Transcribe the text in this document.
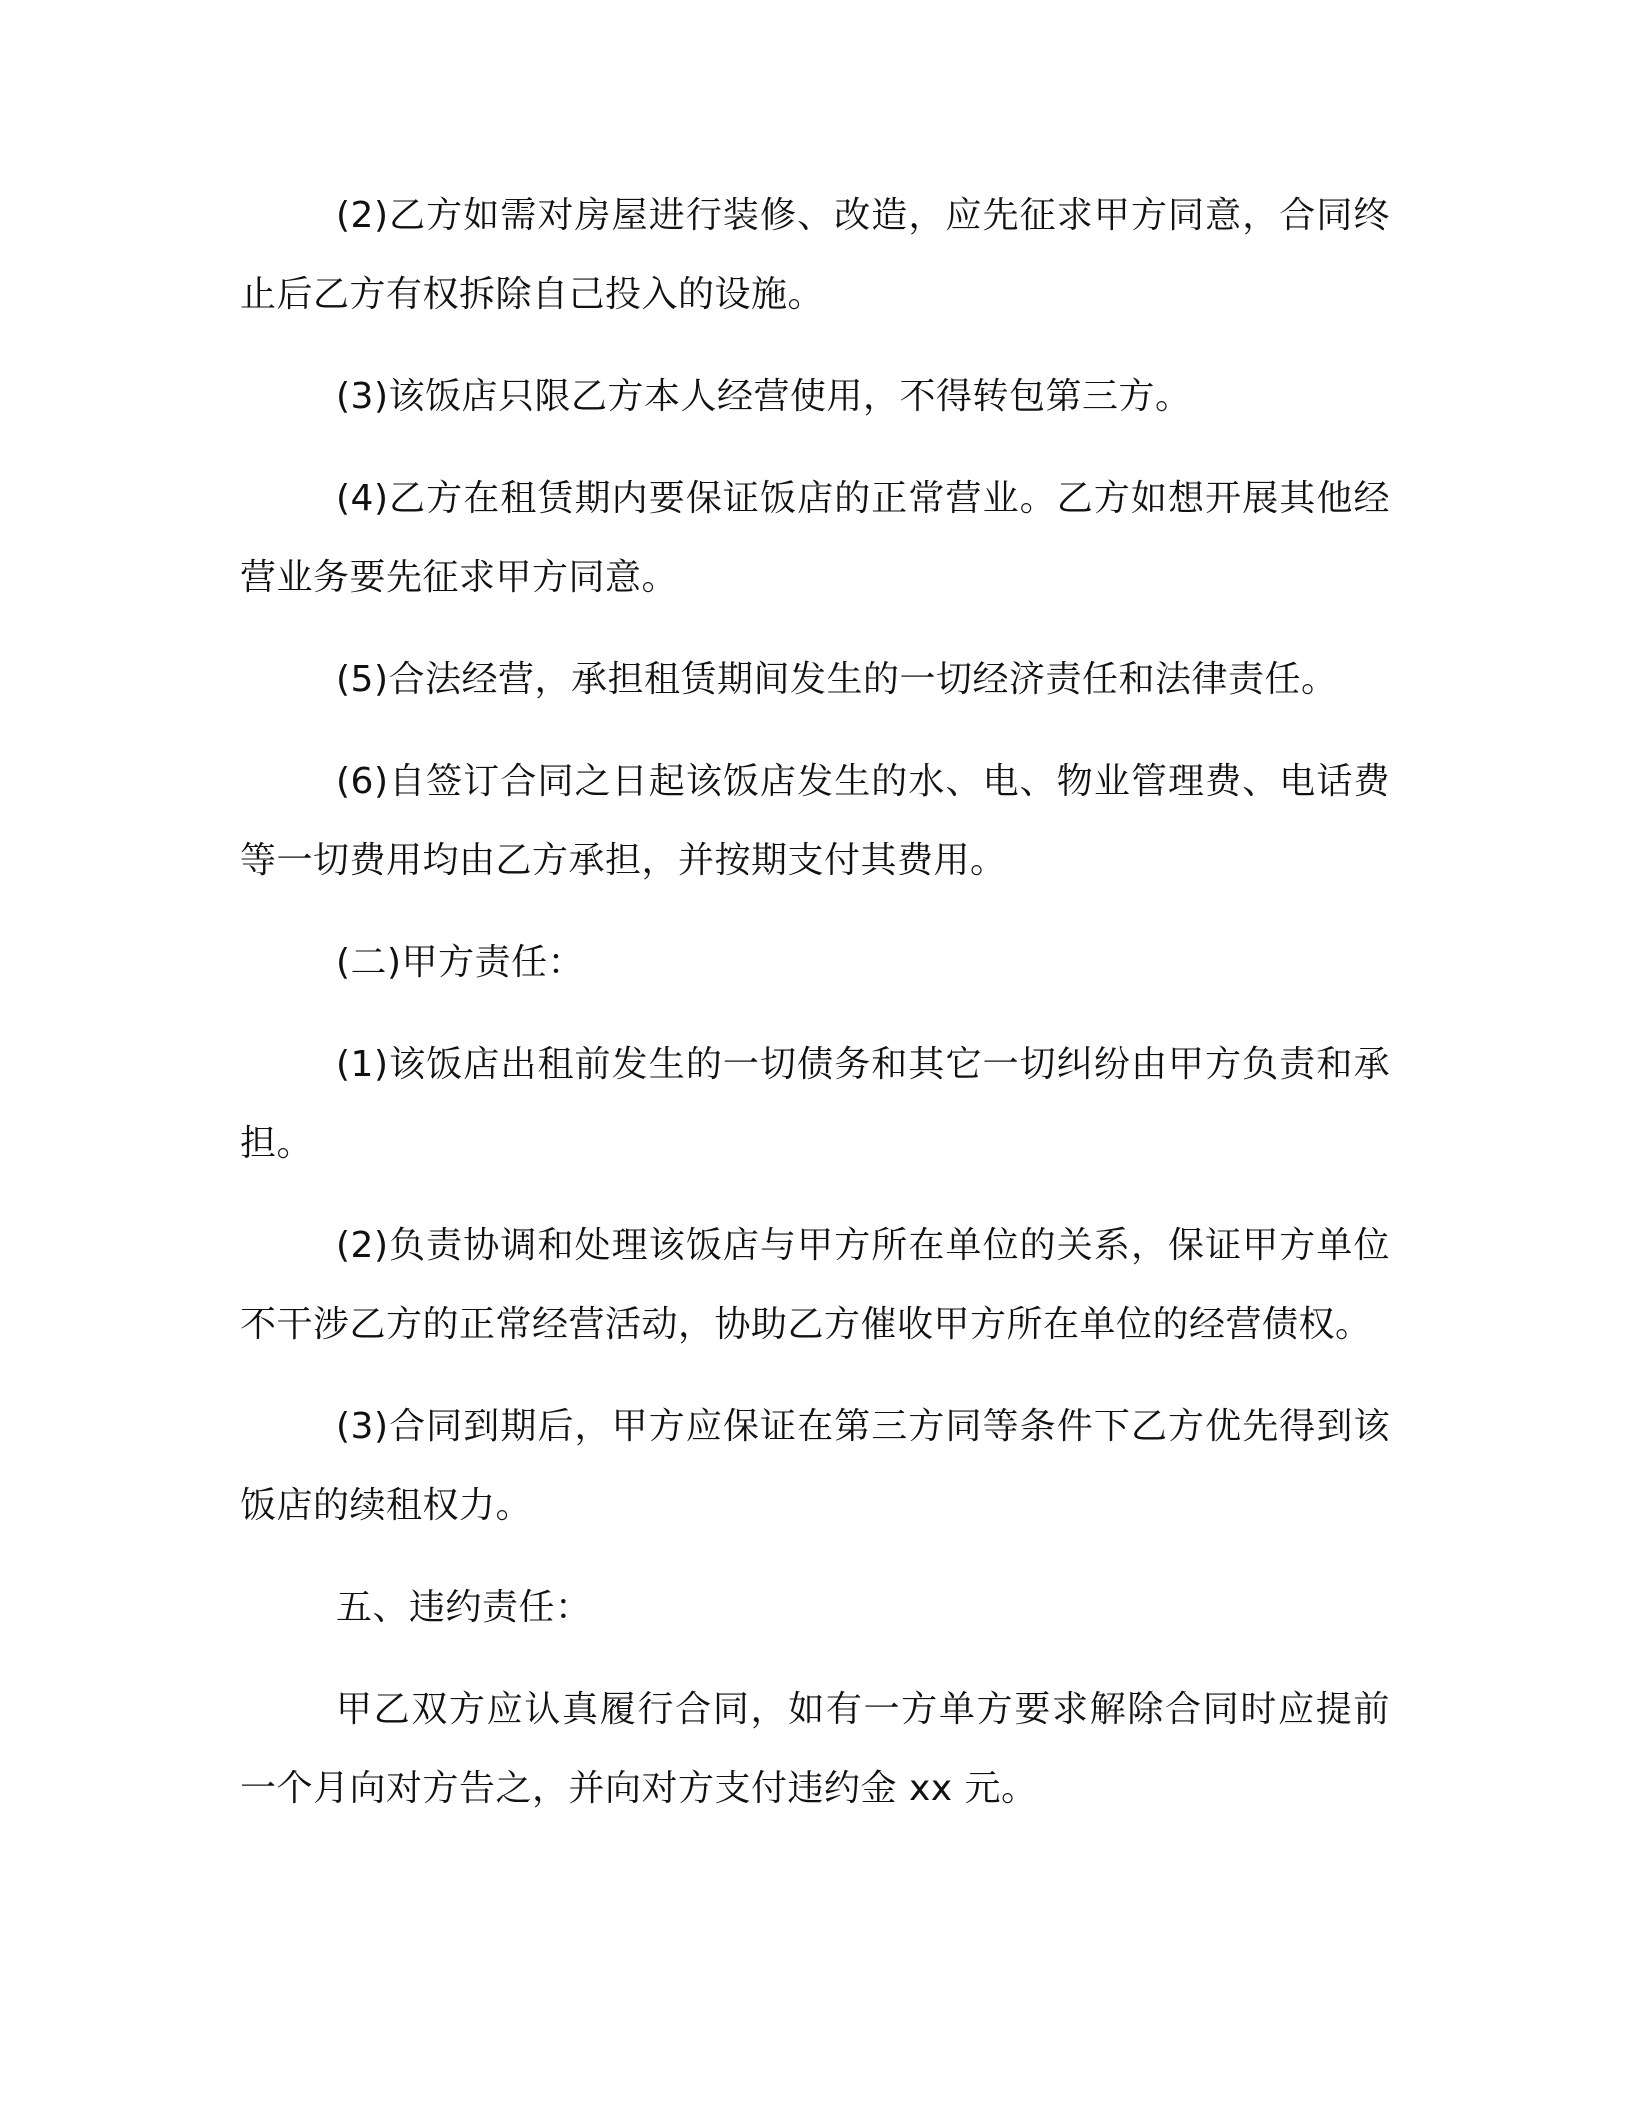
(2)乙方如需对房屋进行装修、改造，应先征求甲方同意，合同终止后乙方有权拆除自己投入的设施。

(3)该饭店只限乙方本人经营使用，不得转包第三方。

(4)乙方在租赁期内要保证饭店的正常营业。乙方如想开展其他经营业务要先征求甲方同意。

(5)合法经营，承担租赁期间发生的一切经济责任和法律责任。

(6)自签订合同之日起该饭店发生的水、电、物业管理费、电话费等一切费用均由乙方承担，并按期支付其费用。

(二)甲方责任：

(1)该饭店出租前发生的一切债务和其它一切纠纷由甲方负责和承担。

(2)负责协调和处理该饭店与甲方所在单位的关系，保证甲方单位不干涉乙方的正常经营活动，协助乙方催收甲方所在单位的经营债权。

(3)合同到期后，甲方应保证在第三方同等条件下乙方优先得到该饭店的续租权力。

五、违约责任：

甲乙双方应认真履行合同，如有一方单方要求解除合同时应提前一个月向对方告之，并向对方支付违约金 xx 元。
